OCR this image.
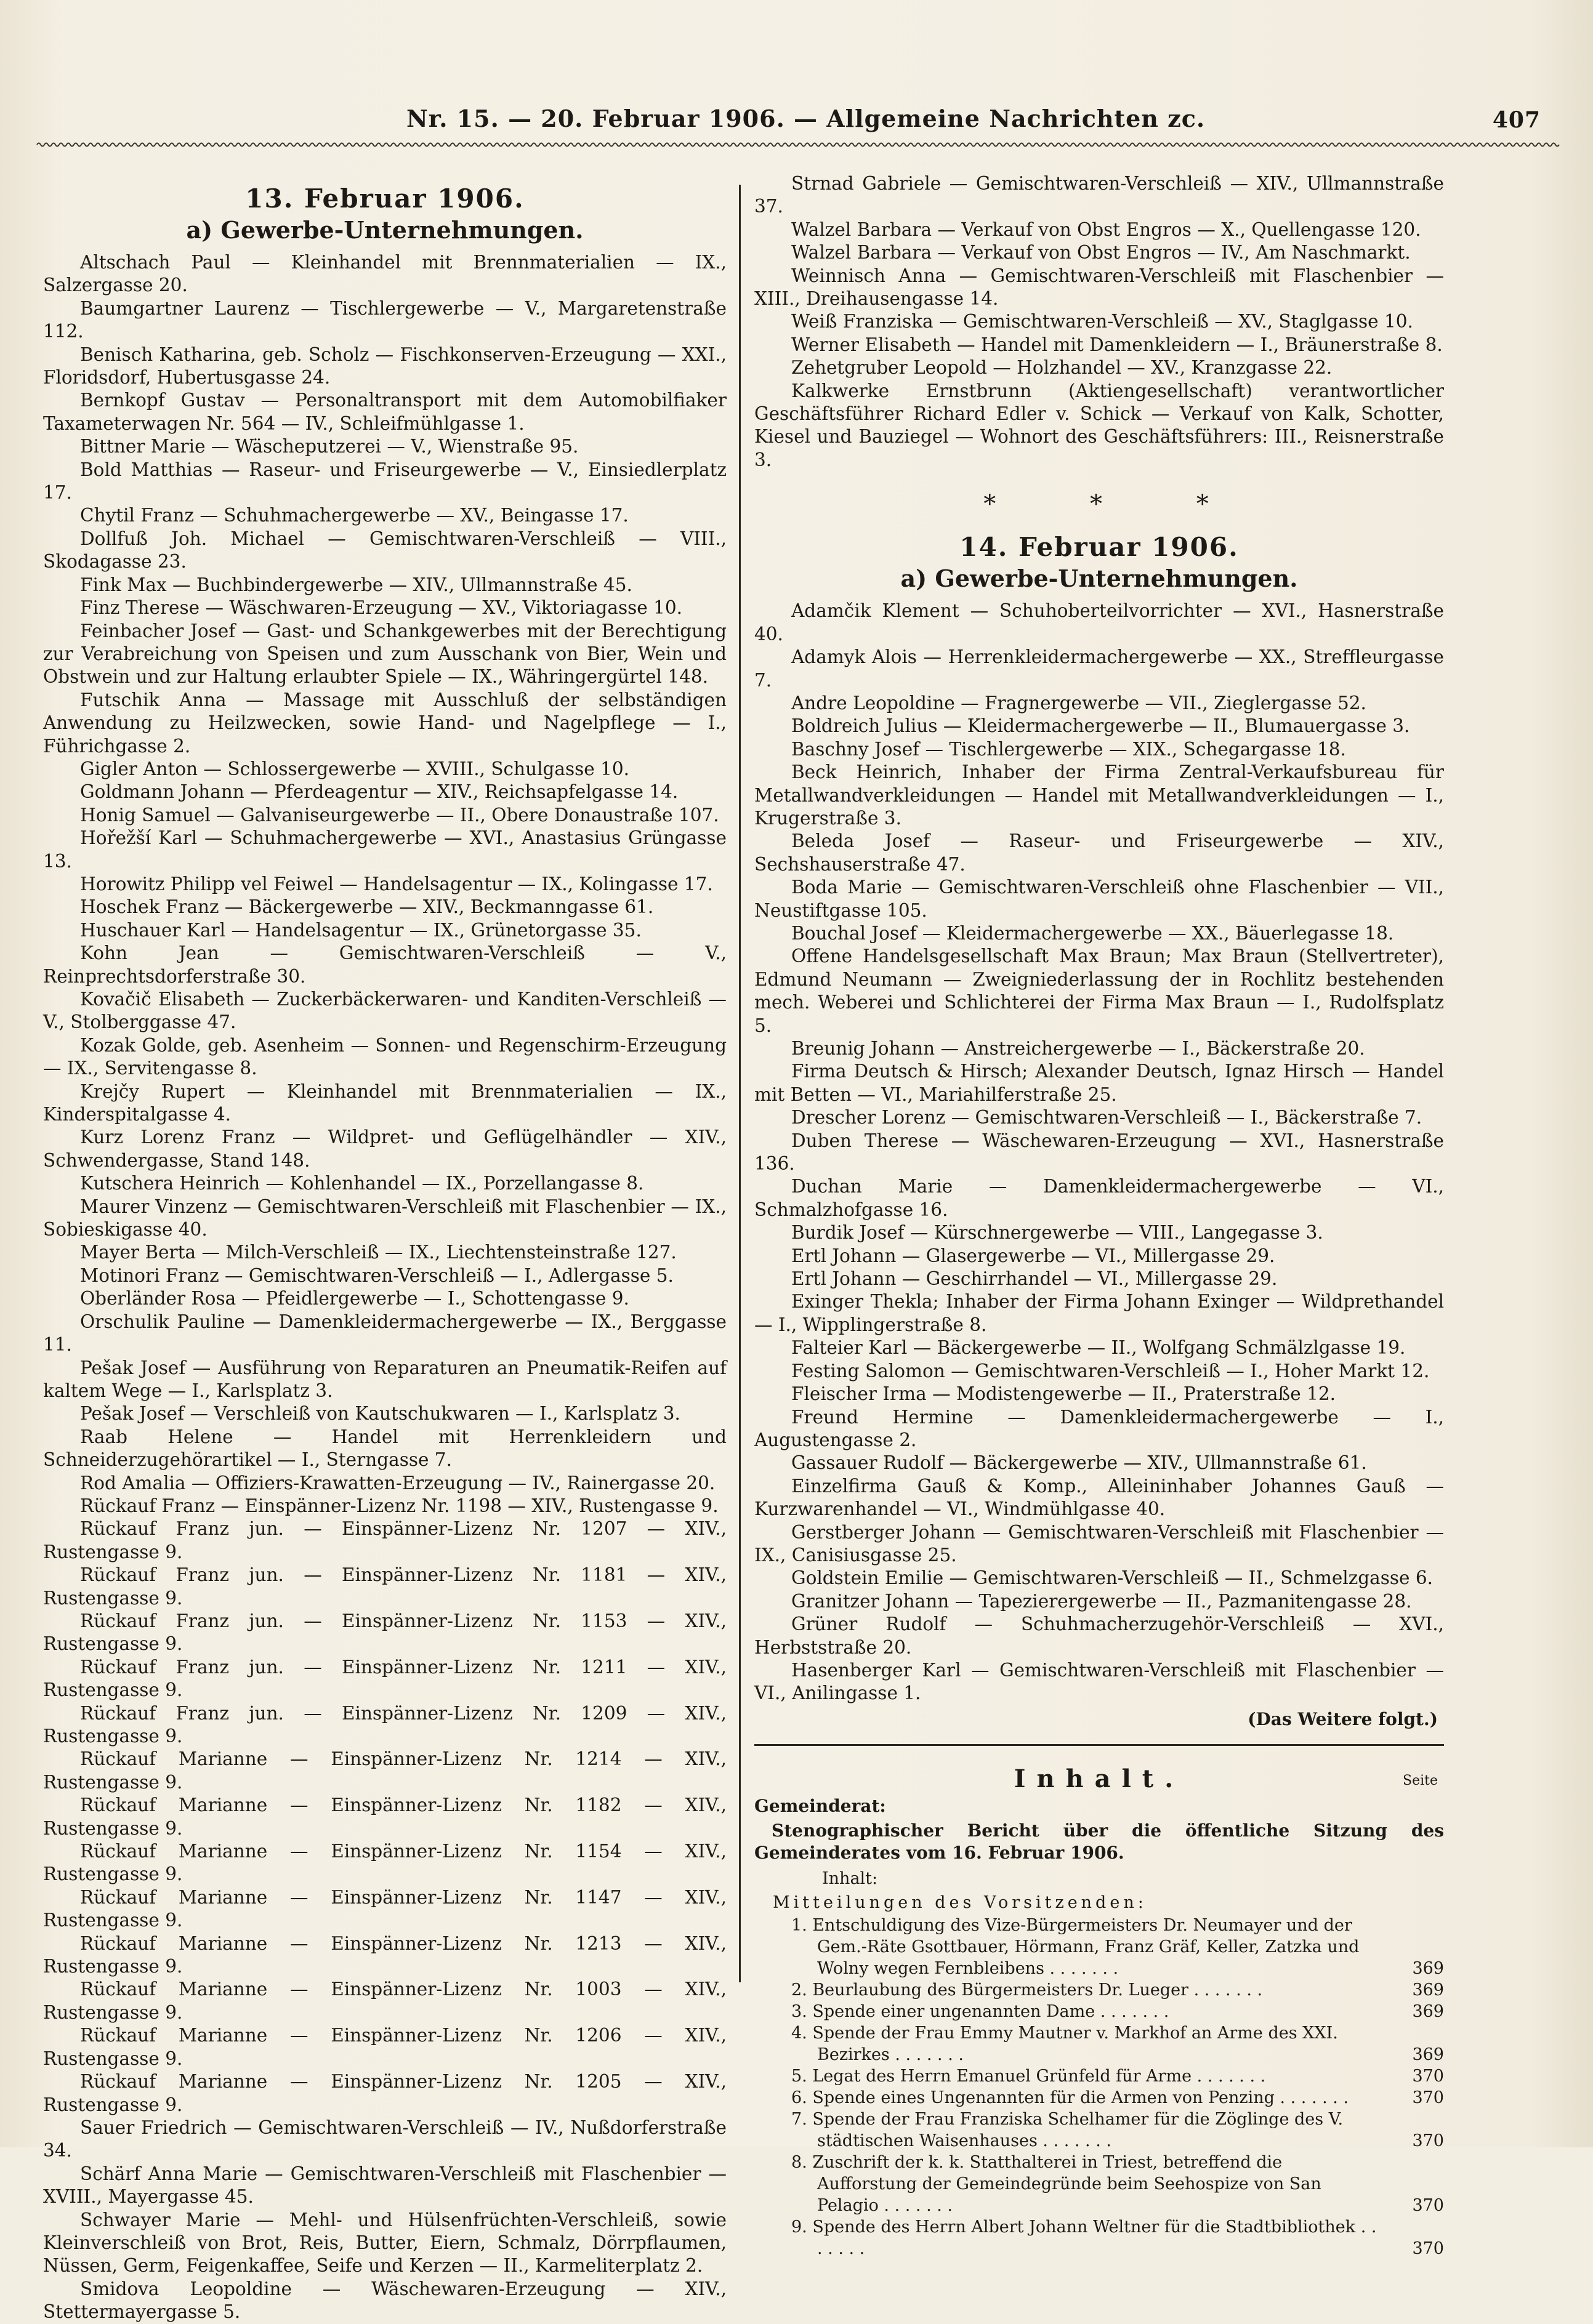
Nr. 15. — 20. Februar 1906. — Allgemeine Nachrichten zc.	407
13. Februar 1906.
a) Gewerbe-Unternehmungen.

Altschach Paul — Kleinhandel mit Brennmaterialien — IX., Salzergasse 20.

Baumgartner Laurenz — Tischlergewerbe — V., Margaretenstraße 112.

Benisch Katharina, geb. Scholz — Fischkonserven-Erzeugung — XXI., Floridsdorf, Hubertusgasse 24.

Bernkopf Gustav — Personaltransport mit dem Automobilfiaker Taxameterwagen Nr. 564 — IV., Schleifmühlgasse 1.

Bittner Marie — Wäscheputzerei — V., Wienstraße 95.

Bold Matthias — Raseur- und Friseurgewerbe — V., Einsiedlerplatz 17.

Chytil Franz — Schuhmachergewerbe — XV., Beingasse 17.

Dollfuß Joh. Michael — Gemischtwaren-Verschleiß — VIII., Skodagasse 23.

Fink Max — Buchbindergewerbe — XIV., Ullmannstraße 45.

Finz Therese — Wäschwaren-Erzeugung — XV., Viktoriagasse 10.

Feinbacher Josef — Gast- und Schankgewerbes mit der Berechtigung zur Verabreichung von Speisen und zum Ausschank von Bier, Wein und Obstwein und zur Haltung erlaubter Spiele — IX., Währingergürtel 148.

Futschik Anna — Massage mit Ausschluß der selbständigen Anwendung zu Heilzwecken, sowie Hand- und Nagelpflege — I., Führichgasse 2.

Gigler Anton — Schlossergewerbe — XVIII., Schulgasse 10.

Goldmann Johann — Pferdeagentur — XIV., Reichsapfelgasse 14.

Honig Samuel — Galvaniseurgewerbe — II., Obere Donaustraße 107.

Hořežší Karl — Schuhmachergewerbe — XVI., Anastasius Grüngasse 13.

Horowitz Philipp vel Feiwel — Handelsagentur — IX., Kolingasse 17.

Hoschek Franz — Bäckergewerbe — XIV., Beckmanngasse 61.

Huschauer Karl — Handelsagentur — IX., Grünetorgasse 35.

Kohn Jean — Gemischtwaren-Verschleiß — V., Reinprechtsdorferstraße 30.

Kovačič Elisabeth — Zuckerbäckerwaren- und Kanditen-Verschleiß — V., Stolberggasse 47.

Kozak Golde, geb. Asenheim — Sonnen- und Regenschirm-Erzeugung — IX., Servitengasse 8.

Krejčy Rupert — Kleinhandel mit Brennmaterialien — IX., Kinderspitalgasse 4.

Kurz Lorenz Franz — Wildpret- und Geflügelhändler — XIV., Schwendergasse, Stand 148.

Kutschera Heinrich — Kohlenhandel — IX., Porzellangasse 8.

Maurer Vinzenz — Gemischtwaren-Verschleiß mit Flaschenbier — IX., Sobieskigasse 40.

Mayer Berta — Milch-Verschleiß — IX., Liechtensteinstraße 127.

Motinori Franz — Gemischtwaren-Verschleiß — I., Adlergasse 5.

Oberländer Rosa — Pfeidlergewerbe — I., Schottengasse 9.

Orschulik Pauline — Damenkleidermachergewerbe — IX., Berggasse 11.

Pešak Josef — Ausführung von Reparaturen an Pneumatik-Reifen auf kaltem Wege — I., Karlsplatz 3.

Pešak Josef — Verschleiß von Kautschukwaren — I., Karlsplatz 3.

Raab Helene — Handel mit Herrenkleidern und Schneiderzugehörartikel — I., Sterngasse 7.

Rod Amalia — Offiziers-Krawatten-Erzeugung — IV., Rainergasse 20.

Rückauf Franz — Einspänner-Lizenz Nr. 1198 — XIV., Rustengasse 9.

Rückauf Franz jun. — Einspänner-Lizenz Nr. 1207 — XIV., Rustengasse 9.

Rückauf Franz jun. — Einspänner-Lizenz Nr. 1181 — XIV., Rustengasse 9.

Rückauf Franz jun. — Einspänner-Lizenz Nr. 1153 — XIV., Rustengasse 9.

Rückauf Franz jun. — Einspänner-Lizenz Nr. 1211 — XIV., Rustengasse 9.

Rückauf Franz jun. — Einspänner-Lizenz Nr. 1209 — XIV., Rustengasse 9.

Rückauf Marianne — Einspänner-Lizenz Nr. 1214 — XIV., Rustengasse 9.

Rückauf Marianne — Einspänner-Lizenz Nr. 1182 — XIV., Rustengasse 9.

Rückauf Marianne — Einspänner-Lizenz Nr. 1154 — XIV., Rustengasse 9.

Rückauf Marianne — Einspänner-Lizenz Nr. 1147 — XIV., Rustengasse 9.

Rückauf Marianne — Einspänner-Lizenz Nr. 1213 — XIV., Rustengasse 9.

Rückauf Marianne — Einspänner-Lizenz Nr. 1003 — XIV., Rustengasse 9.

Rückauf Marianne — Einspänner-Lizenz Nr. 1206 — XIV., Rustengasse 9.

Rückauf Marianne — Einspänner-Lizenz Nr. 1205 — XIV., Rustengasse 9.

Sauer Friedrich — Gemischtwaren-Verschleiß — IV., Nußdorferstraße 34.

Schärf Anna Marie — Gemischtwaren-Verschleiß mit Flaschenbier — XVIII., Mayergasse 45.

Schwayer Marie — Mehl- und Hülsenfrüchten-Verschleiß, sowie Kleinverschleiß von Brot, Reis, Butter, Eiern, Schmalz, Dörrpflaumen, Nüssen, Germ, Feigenkaffee, Seife und Kerzen — II., Karmeliterplatz 2.

Smidova Leopoldine — Wäschewaren-Erzeugung — XIV., Stettermayergasse 5.

Strnad Gabriele — Gemischtwaren-Verschleiß — XIV., Ullmannstraße 37.

Walzel Barbara — Verkauf von Obst Engros — X., Quellengasse 120.

Walzel Barbara — Verkauf von Obst Engros — IV., Am Naschmarkt.

Weinnisch Anna — Gemischtwaren-Verschleiß mit Flaschenbier — XIII., Dreihausengasse 14.

Weiß Franziska — Gemischtwaren-Verschleiß — XV., Staglgasse 10.

Werner Elisabeth — Handel mit Damenkleidern — I., Bräunerstraße 8.

Zehetgruber Leopold — Holzhandel — XV., Kranzgasse 22.

Kalkwerke Ernstbrunn (Aktiengesellschaft) verantwortlicher Geschäftsführer Richard Edler v. Schick — Verkauf von Kalk, Schotter, Kiesel und Bauziegel — Wohnort des Geschäftsführers: III., Reisnerstraße 3.

* * *
14. Februar 1906.
a) Gewerbe-Unternehmungen.

Adamčik Klement — Schuhoberteilvorrichter — XVI., Hasnerstraße 40.

Adamyk Alois — Herrenkleidermachergewerbe — XX., Streffleurgasse 7.

Andre Leopoldine — Fragnergewerbe — VII., Zieglergasse 52.

Boldreich Julius — Kleidermachergewerbe — II., Blumauergasse 3.

Baschny Josef — Tischlergewerbe — XIX., Schegargasse 18.

Beck Heinrich, Inhaber der Firma Zentral-Verkaufsbureau für Metallwandverkleidungen — Handel mit Metallwandverkleidungen — I., Krugerstraße 3.

Beleda Josef — Raseur- und Friseurgewerbe — XIV., Sechshauserstraße 47.

Boda Marie — Gemischtwaren-Verschleiß ohne Flaschenbier — VII., Neustiftgasse 105.

Bouchal Josef — Kleidermachergewerbe — XX., Bäuerlegasse 18.

Offene Handelsgesellschaft Max Braun; Max Braun (Stellvertreter), Edmund Neumann — Zweigniederlassung der in Rochlitz bestehenden mech. Weberei und Schlichterei der Firma Max Braun — I., Rudolfsplatz 5.

Breunig Johann — Anstreichergewerbe — I., Bäckerstraße 20.

Firma Deutsch & Hirsch; Alexander Deutsch, Ignaz Hirsch — Handel mit Betten — VI., Mariahilferstraße 25.

Drescher Lorenz — Gemischtwaren-Verschleiß — I., Bäckerstraße 7.

Duben Therese — Wäschewaren-Erzeugung — XVI., Hasnerstraße 136.

Duchan Marie — Damenkleidermachergewerbe — VI., Schmalzhofgasse 16.

Burdik Josef — Kürschnergewerbe — VIII., Langegasse 3.

Ertl Johann — Glasergewerbe — VI., Millergasse 29.

Ertl Johann — Geschirrhandel — VI., Millergasse 29.

Exinger Thekla; Inhaber der Firma Johann Exinger — Wildprethandel — I., Wipplingerstraße 8.

Falteier Karl — Bäckergewerbe — II., Wolfgang Schmälzlgasse 19.

Festing Salomon — Gemischtwaren-Verschleiß — I., Hoher Markt 12.

Fleischer Irma — Modistengewerbe — II., Praterstraße 12.

Freund Hermine — Damenkleidermachergewerbe — I., Augustengasse 2.

Gassauer Rudolf — Bäckergewerbe — XIV., Ullmannstraße 61.

Einzelfirma Gauß & Komp., Alleininhaber Johannes Gauß — Kurzwarenhandel — VI., Windmühlgasse 40.

Gerstberger Johann — Gemischtwaren-Verschleiß mit Flaschenbier — IX., Canisiusgasse 25.

Goldstein Emilie — Gemischtwaren-Verschleiß — II., Schmelzgasse 6.

Granitzer Johann — Tapezierergewerbe — II., Pazmanitengasse 28.

Grüner Rudolf — Schuhmacherzugehör-Verschleiß — XVI., Herbststraße 20.

Hasenberger Karl — Gemischtwaren-Verschleiß mit Flaschenbier — VI., Anilingasse 1.

(Das Weitere folgt.)
Inhalt.	Seite
Gemeinderat:
Stenographischer Bericht über die öffentliche Sitzung des Gemeinderates vom 16. Februar 1906.
Inhalt:
Mitteilungen des Vorsitzenden:
1. Entschuldigung des Vize-Bürgermeisters Dr. Neumayer und der Gem.-Räte Gsottbauer, Hörmann, Franz Gräf, Keller, Zatzka und Wolny wegen Fernbleibens . . . . . . .	369
2. Beurlaubung des Bürgermeisters Dr. Lueger . . . . . . .	369
3. Spende einer ungenannten Dame . . . . . . .	369
4. Spende der Frau Emmy Mautner v. Markhof an Arme des XXI. Bezirkes . . . . . . .	369
5. Legat des Herrn Emanuel Grünfeld für Arme . . . . . . .	370
6. Spende eines Ungenannten für die Armen von Penzing . . . . . . .	370
7. Spende der Frau Franziska Schelhamer für die Zöglinge des V. städtischen Waisenhauses . . . . . . .	370
8. Zuschrift der k. k. Statthalterei in Triest, betreffend die Aufforstung der Gemeindegründe beim Seehospize von San Pelagio . . . . . . .	370
9. Spende des Herrn Albert Johann Weltner für die Stadtbibliothek . . . . . . .	370
